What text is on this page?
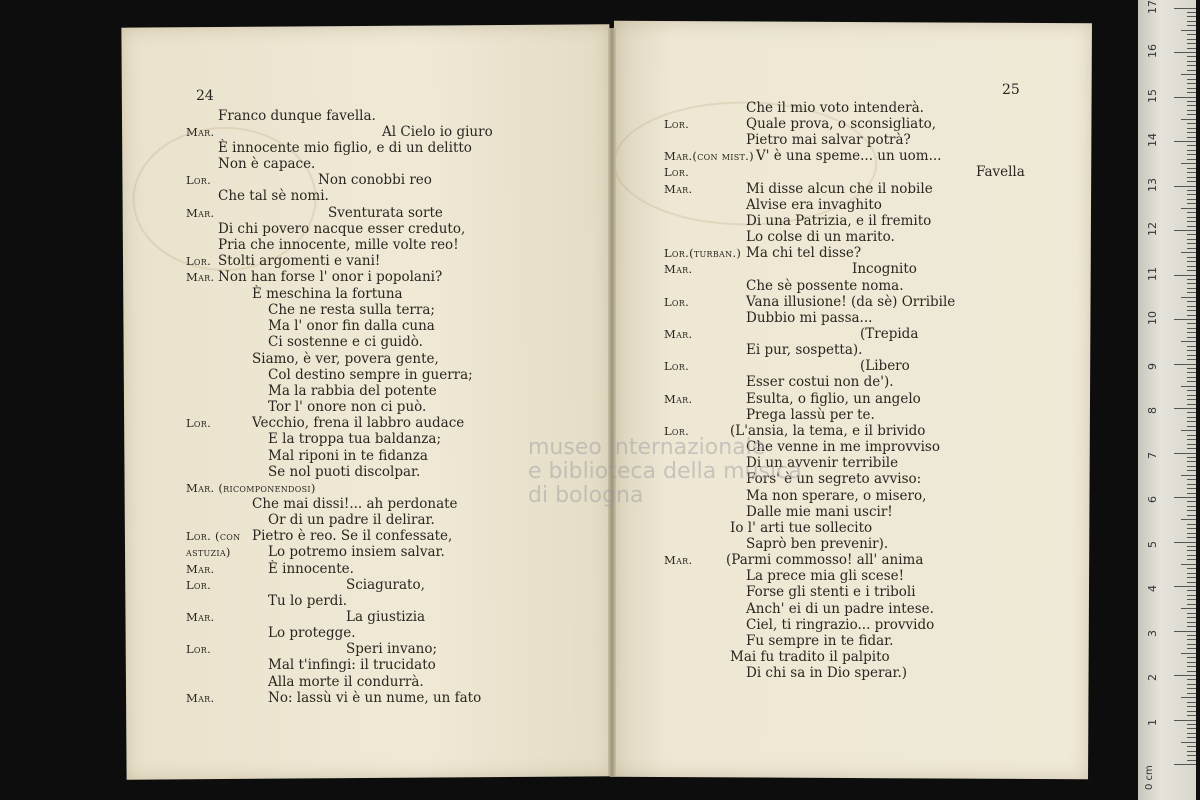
Franco dunque favella.
Mar.	Al Cielo io giuro
È innocente mio figlio, e di un delitto
Non è capace.
Lor.	Non conobbi reo
Che tal sè nomi.
Mar.	Sventurata sorte
Di chi povero nacque esser creduto,
Pria che innocente, mille volte reo!
Lor. Stolti argomenti e vani!
Mar. Non han forse l' onor i popolani?
È meschina la fortuna
Che ne resta sulla terra;
Ma l' onor fin dalla cuna
Ci sostenne e ci guidò.
Siamo, è ver, povera gente,
Col destino sempre in guerra;
Ma la rabbia del potente
Tor l' onore non ci può.
Lor.	Vecchio, frena il labbro audace
E la troppa tua baldanza;
Mal riponi in te fidanza
Se nol puoti discolpar.
Mar. (ricomponendosi)
Che mai dissi!... ah perdonate
Or di un padre il delirar.
Lor. (con Pietro è reo. Se il confessate,
astuzia)	Lo potremo insiem salvar.
Mar.	È innocente.
Lor.	Sciagurato,
Tu lo perdi.
Mar.	La giustizia
Lo protegge.
Lor.	Speri invano;
Mal t'infingi: il trucidato
Alla morte il condurrà.
Mar.	No: lassù vi è un nume, un fato
Che il mio voto intenderà.
Lor.	Quale prova, o sconsigliato,
Pietro mai salvar potrà?
Mar.(con mist.) V' è una speme... un uom...
Lor.	Favella
Mar.	Mi disse alcun che il nobile
Alvise era invaghito
Di una Patrizia, e il fremito
Lo colse di un marito.
Lor.(turban.) Ma chi tel disse?
Mar.	Incognito
Che sè possente noma.
Lor.	Vana illusione! (da sè) Orribile
Dubbio mi passa...
Mar.	(Trepida
Ei pur, sospetta).
Lor.	(Libero
Esser costui non de').
Mar.	Esulta, o figlio, un angelo
Prega lassù per te.
Lor.	(L'ansia, la tema, e il brivido
Che venne in me improvviso
Di un avvenir terribile
Fors' è un segreto avviso:
Ma non sperare, o misero,
Dalle mie mani uscir!
Io l' arti tue sollecito
Saprò ben prevenir).
Mar. (Parmi commosso! all' anima
La prece mia gli scese!
Forse gli stenti e i triboli
Anch' ei di un padre intese.
Ciel, ti ringrazio... provvido
Fu sempre in te fidar.
Mai fu tradito il palpito
Di chi sa in Dio sperar.)
24	25
museo internazionale
e biblioteca della musica
di bologna
0 cm
1
2
3
4
5
6
7
8
9
10
11
12
13
14
15
16
17
